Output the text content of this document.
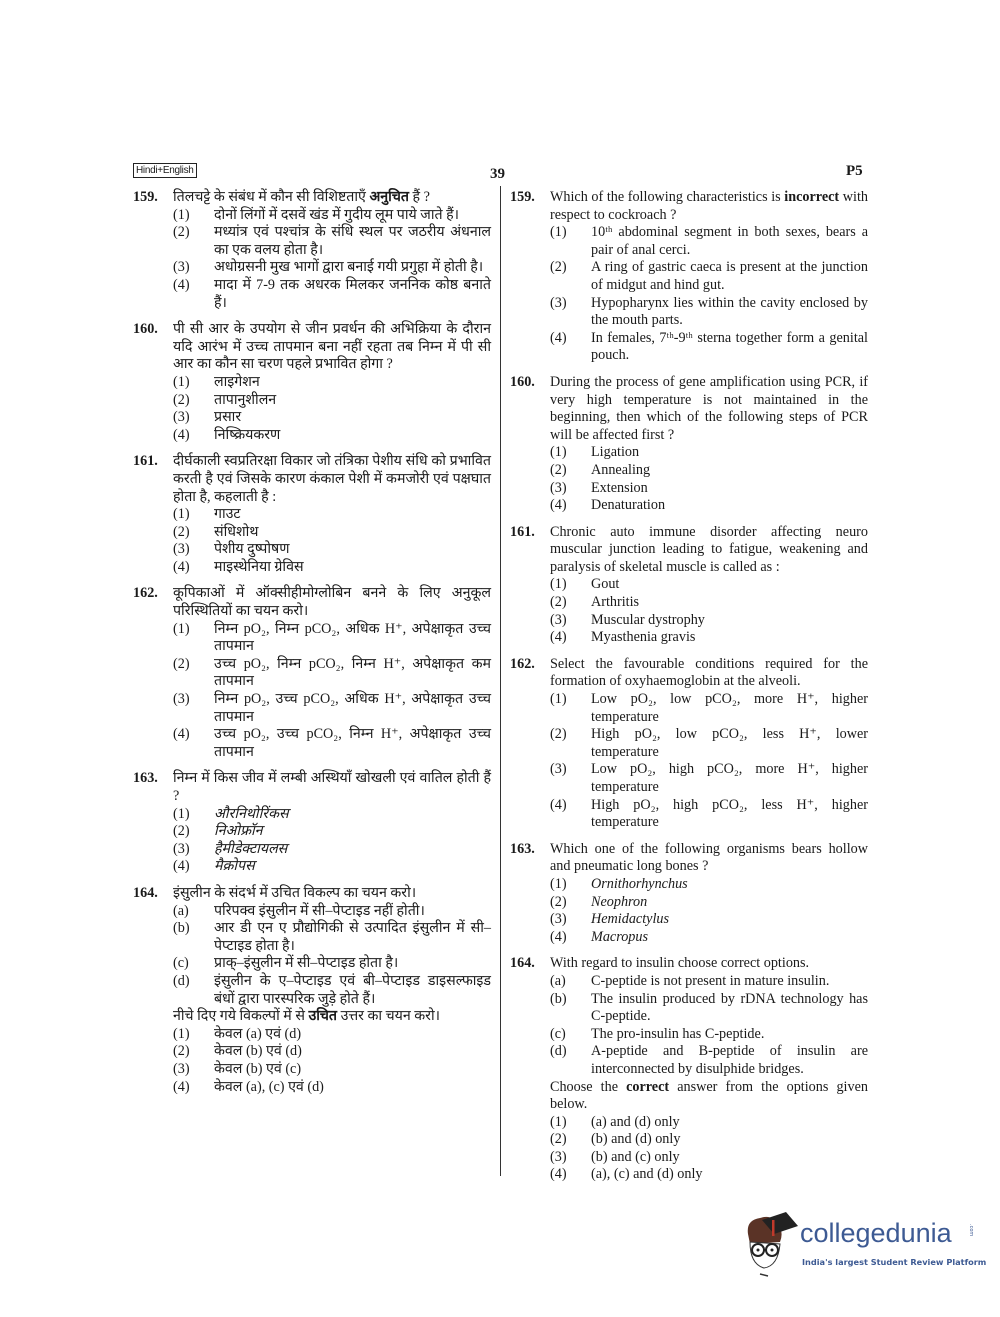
Hindi+English	39	P5
159. तिलचट्टे के संबंध में कौन सी विशिष्टताएँ अनुचित हैं ?
(1) दोनों लिंगों में दसवें खंड में गुदीय लूम पाये जाते हैं।
(2) मध्यांत्र एवं पश्चांत्र के संधि स्थल पर जठरीय अंधनाल का एक वलय होता है।
(3) अधोग्रसनी मुख भागों द्वारा बनाई गयी प्रगुहा में होती है।
(4) मादा में 7-9 तक अधरक मिलकर जननिक कोष्ठ बनाते हैं।
160. पी सी आर के उपयोग से जीन प्रवर्धन की अभिक्रिया के दौरान यदि आरंभ में उच्च तापमान बना नहीं रहता तब निम्न में पी सी आर का कौन सा चरण पहले प्रभावित होगा ?
(1) लाइगेशन
(2) तापानुशीलन
(3) प्रसार
(4) निष्क्रियकरण
161. दीर्घकाली स्वप्रतिरक्षा विकार जो तंत्रिका पेशीय संधि को प्रभावित करती है एवं जिसके कारण कंकाल पेशी में कमजोरी एवं पक्षघात होता है, कहलाती है :
(1) गाउट
(2) संधिशोथ
(3) पेशीय दुष्पोषण
(4) माइस्थेनिया ग्रेविस
162. कूपिकाओं में ऑक्सीहीमोग्लोबिन बनने के लिए अनुकूल परिस्थितियों का चयन करो।
(1) निम्न pO₂, निम्न pCO₂, अधिक H⁺, अपेक्षाकृत उच्च तापमान
(2) उच्च pO₂, निम्न pCO₂, निम्न H⁺, अपेक्षाकृत कम तापमान
(3) निम्न pO₂, उच्च pCO₂, अधिक H⁺, अपेक्षाकृत उच्च तापमान
(4) उच्च pO₂, उच्च pCO₂, निम्न H⁺, अपेक्षाकृत उच्च तापमान
163. निम्न में किस जीव में लम्बी अस्थियाँ खोखली एवं वातिल होती हैं ?
(1) औरनिथोरिंकस
(2) निओफ्रॉन
(3) हैमीडेक्टायलस
(4) मैक्रोपस
164. इंसुलीन के संदर्भ में उचित विकल्प का चयन करो।
(a) परिपक्व इंसुलीन में सी–पेप्टाइड नहीं होती।
(b) आर डी एन ए प्रौद्योगिकी से उत्पादित इंसुलीन में सी–पेप्टाइड होता है।
(c) प्राक्–इंसुलीन में सी–पेप्टाइड होता है।
(d) इंसुलीन के ए–पेप्टाइड एवं बी–पेप्टाइड डाइसल्फाइड बंधों द्वारा पारस्परिक जुड़े होते हैं।
नीचे दिए गये विकल्पों में से उचित उत्तर का चयन करो।
(1) केवल (a) एवं (d)
(2) केवल (b) एवं (d)
(3) केवल (b) एवं (c)
(4) केवल (a), (c) एवं (d)
159. Which of the following characteristics is incorrect with respect to cockroach ?
(1) 10ᵗʰ abdominal segment in both sexes, bears a pair of anal cerci.
(2) A ring of gastric caeca is present at the junction of midgut and hind gut.
(3) Hypopharynx lies within the cavity enclosed by the mouth parts.
(4) In females, 7ᵗʰ-9ᵗʰ sterna together form a genital pouch.
160. During the process of gene amplification using PCR, if very high temperature is not maintained in the beginning, then which of the following steps of PCR will be affected first ?
(1) Ligation
(2) Annealing
(3) Extension
(4) Denaturation
161. Chronic auto immune disorder affecting neuro muscular junction leading to fatigue, weakening and paralysis of skeletal muscle is called as :
(1) Gout
(2) Arthritis
(3) Muscular dystrophy
(4) Myasthenia gravis
162. Select the favourable conditions required for the formation of oxyhaemoglobin at the alveoli.
(1) Low pO₂, low pCO₂, more H⁺, higher temperature
(2) High pO₂, low pCO₂, less H⁺, lower temperature
(3) Low pO₂, high pCO₂, more H⁺, higher temperature
(4) High pO₂, high pCO₂, less H⁺, higher temperature
163. Which one of the following organisms bears hollow and pneumatic long bones ?
(1) Ornithorhynchus
(2) Neophron
(3) Hemidactylus
(4) Macropus
164. With regard to insulin choose correct options.
(a) C-peptide is not present in mature insulin.
(b) The insulin produced by rDNA technology has C-peptide.
(c) The pro-insulin has C-peptide.
(d) A-peptide and B-peptide of insulin are interconnected by disulphide bridges.
Choose the correct answer from the options given below.
(1) (a) and (d) only
(2) (b) and (d) only
(3) (b) and (c) only
(4) (a), (c) and (d) only
collegedunia	.com
India's largest Student Review Platform
